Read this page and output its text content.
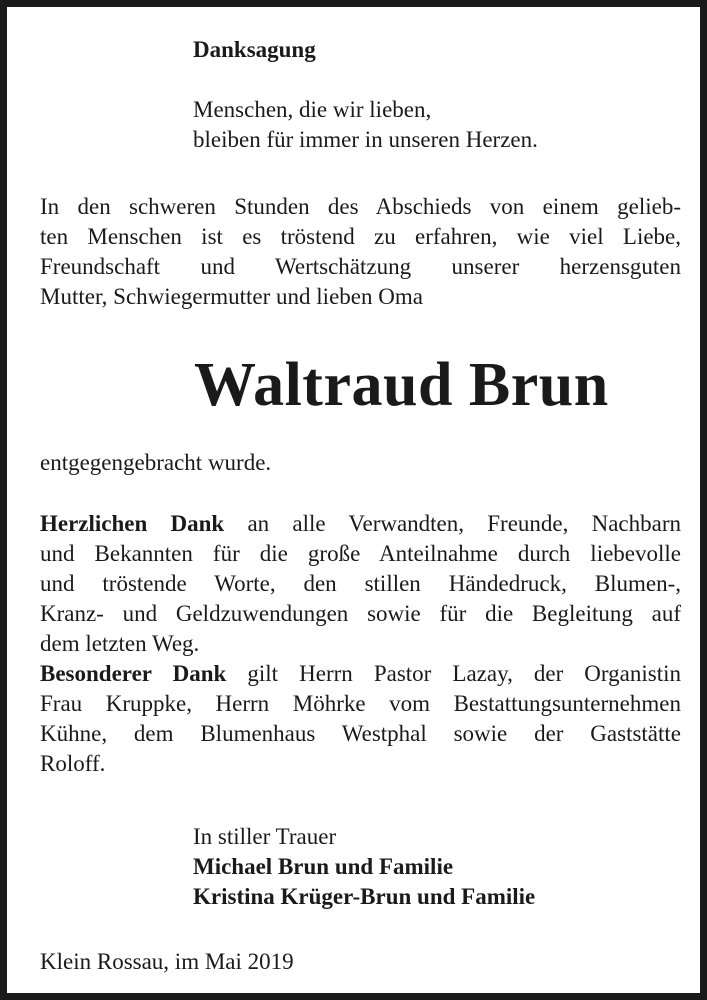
Danksagung
Menschen, die wir lieben,
bleiben für immer in unseren Herzen.
In den schweren Stunden des Abschieds von einem gelieb-
ten Menschen ist es tröstend zu erfahren, wie viel Liebe,
Freundschaft und Wertschätzung unserer herzensguten
Mutter, Schwiegermutter und lieben Oma
Waltraud Brun
entgegengebracht wurde.
Herzlichen Dank an alle Verwandten, Freunde, Nachbarn
und Bekannten für die große Anteilnahme durch liebevolle
und tröstende Worte, den stillen Händedruck, Blumen-,
Kranz- und Geldzuwendungen sowie für die Begleitung auf
dem letzten Weg.
Besonderer Dank gilt Herrn Pastor Lazay, der Organistin
Frau Kruppke, Herrn Möhrke vom Bestattungsunternehmen
Kühne, dem Blumenhaus Westphal sowie der Gaststätte
Roloff.
In stiller Trauer
Michael Brun und Familie
Kristina Krüger-Brun und Familie
Klein Rossau, im Mai 2019
